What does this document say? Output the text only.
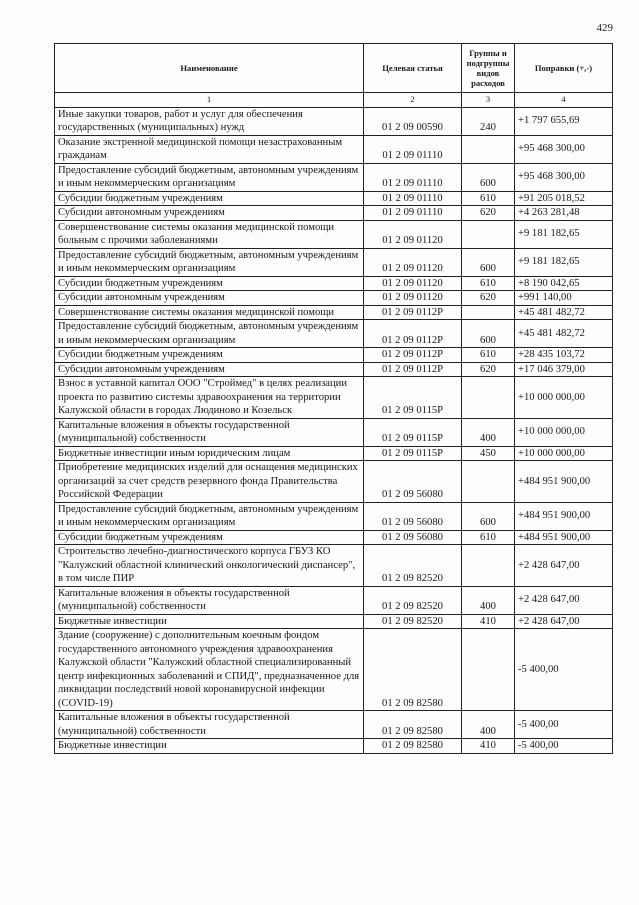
429
Наименование	Целевая статья	Группы и подгруппы видов расходов	Поправки (+,-)
1	2	3	4
Иные закупки товаров, работ и услуг для обеспечения государственных (муниципальных) нужд	01 2 09 00590	240	+1 797 655,69
Оказание экстренной медицинской помощи незастрахованным гражданам	01 2 09 01110		+95 468 300,00
Предоставление субсидий бюджетным, автономным учреждениям и иным некоммерческим организациям	01 2 09 01110	600	+95 468 300,00
Субсидии бюджетным учреждениям	01 2 09 01110	610	+91 205 018,52
Субсидии автономным учреждениям	01 2 09 01110	620	+4 263 281,48
Совершенствование системы оказания медицинской помощи больным с прочими заболеваниями	01 2 09 01120		+9 181 182,65
Предоставление субсидий бюджетным, автономным учреждениям и иным некоммерческим организациям	01 2 09 01120	600	+9 181 182,65
Субсидии бюджетным учреждениям	01 2 09 01120	610	+8 190 042,65
Субсидии автономным учреждениям	01 2 09 01120	620	+991 140,00
Совершенствование системы оказания медицинской помощи	01 2 09 0112Р		+45 481 482,72
Предоставление субсидий бюджетным, автономным учреждениям и иным некоммерческим организациям	01 2 09 0112Р	600	+45 481 482,72
Субсидии бюджетным учреждениям	01 2 09 0112Р	610	+28 435 103,72
Субсидии автономным учреждениям	01 2 09 0112Р	620	+17 046 379,00
Взнос в уставной капитал ООО "Строймед" в целях реализации проекта по развитию системы здравоохранения на территории Калужской области в городах Людиново и Козельск	01 2 09 0115Р		+10 000 000,00
Капитальные вложения в объекты государственной (муниципальной) собственности	01 2 09 0115Р	400	+10 000 000,00
Бюджетные инвестиции иным юридическим лицам	01 2 09 0115Р	450	+10 000 000,00
Приобретение медицинских изделий для оснащения медицинских организаций за счет средств резервного фонда Правительства Российской Федерации	01 2 09 56080		+484 951 900,00
Предоставление субсидий бюджетным, автономным учреждениям и иным некоммерческим организациям	01 2 09 56080	600	+484 951 900,00
Субсидии бюджетным учреждениям	01 2 09 56080	610	+484 951 900,00
Строительство лечебно-диагностического корпуса ГБУЗ КО "Калужский областной клинический онкологический диспансер", в том числе ПИР	01 2 09 82520		+2 428 647,00
Капитальные вложения в объекты государственной (муниципальной) собственности	01 2 09 82520	400	+2 428 647,00
Бюджетные инвестиции	01 2 09 82520	410	+2 428 647,00
Здание (сооружение) с дополнительным коечным фондом государственного автономного учреждения здравоохранения Калужской области "Калужский областной специализированный центр инфекционных заболеваний и СПИД", предназначенное для ликвидации последствий новой коронавирусной инфекции (COVID-19)	01 2 09 82580		-5 400,00
Капитальные вложения в объекты государственной (муниципальной) собственности	01 2 09 82580	400	-5 400,00
Бюджетные инвестиции	01 2 09 82580	410	-5 400,00
